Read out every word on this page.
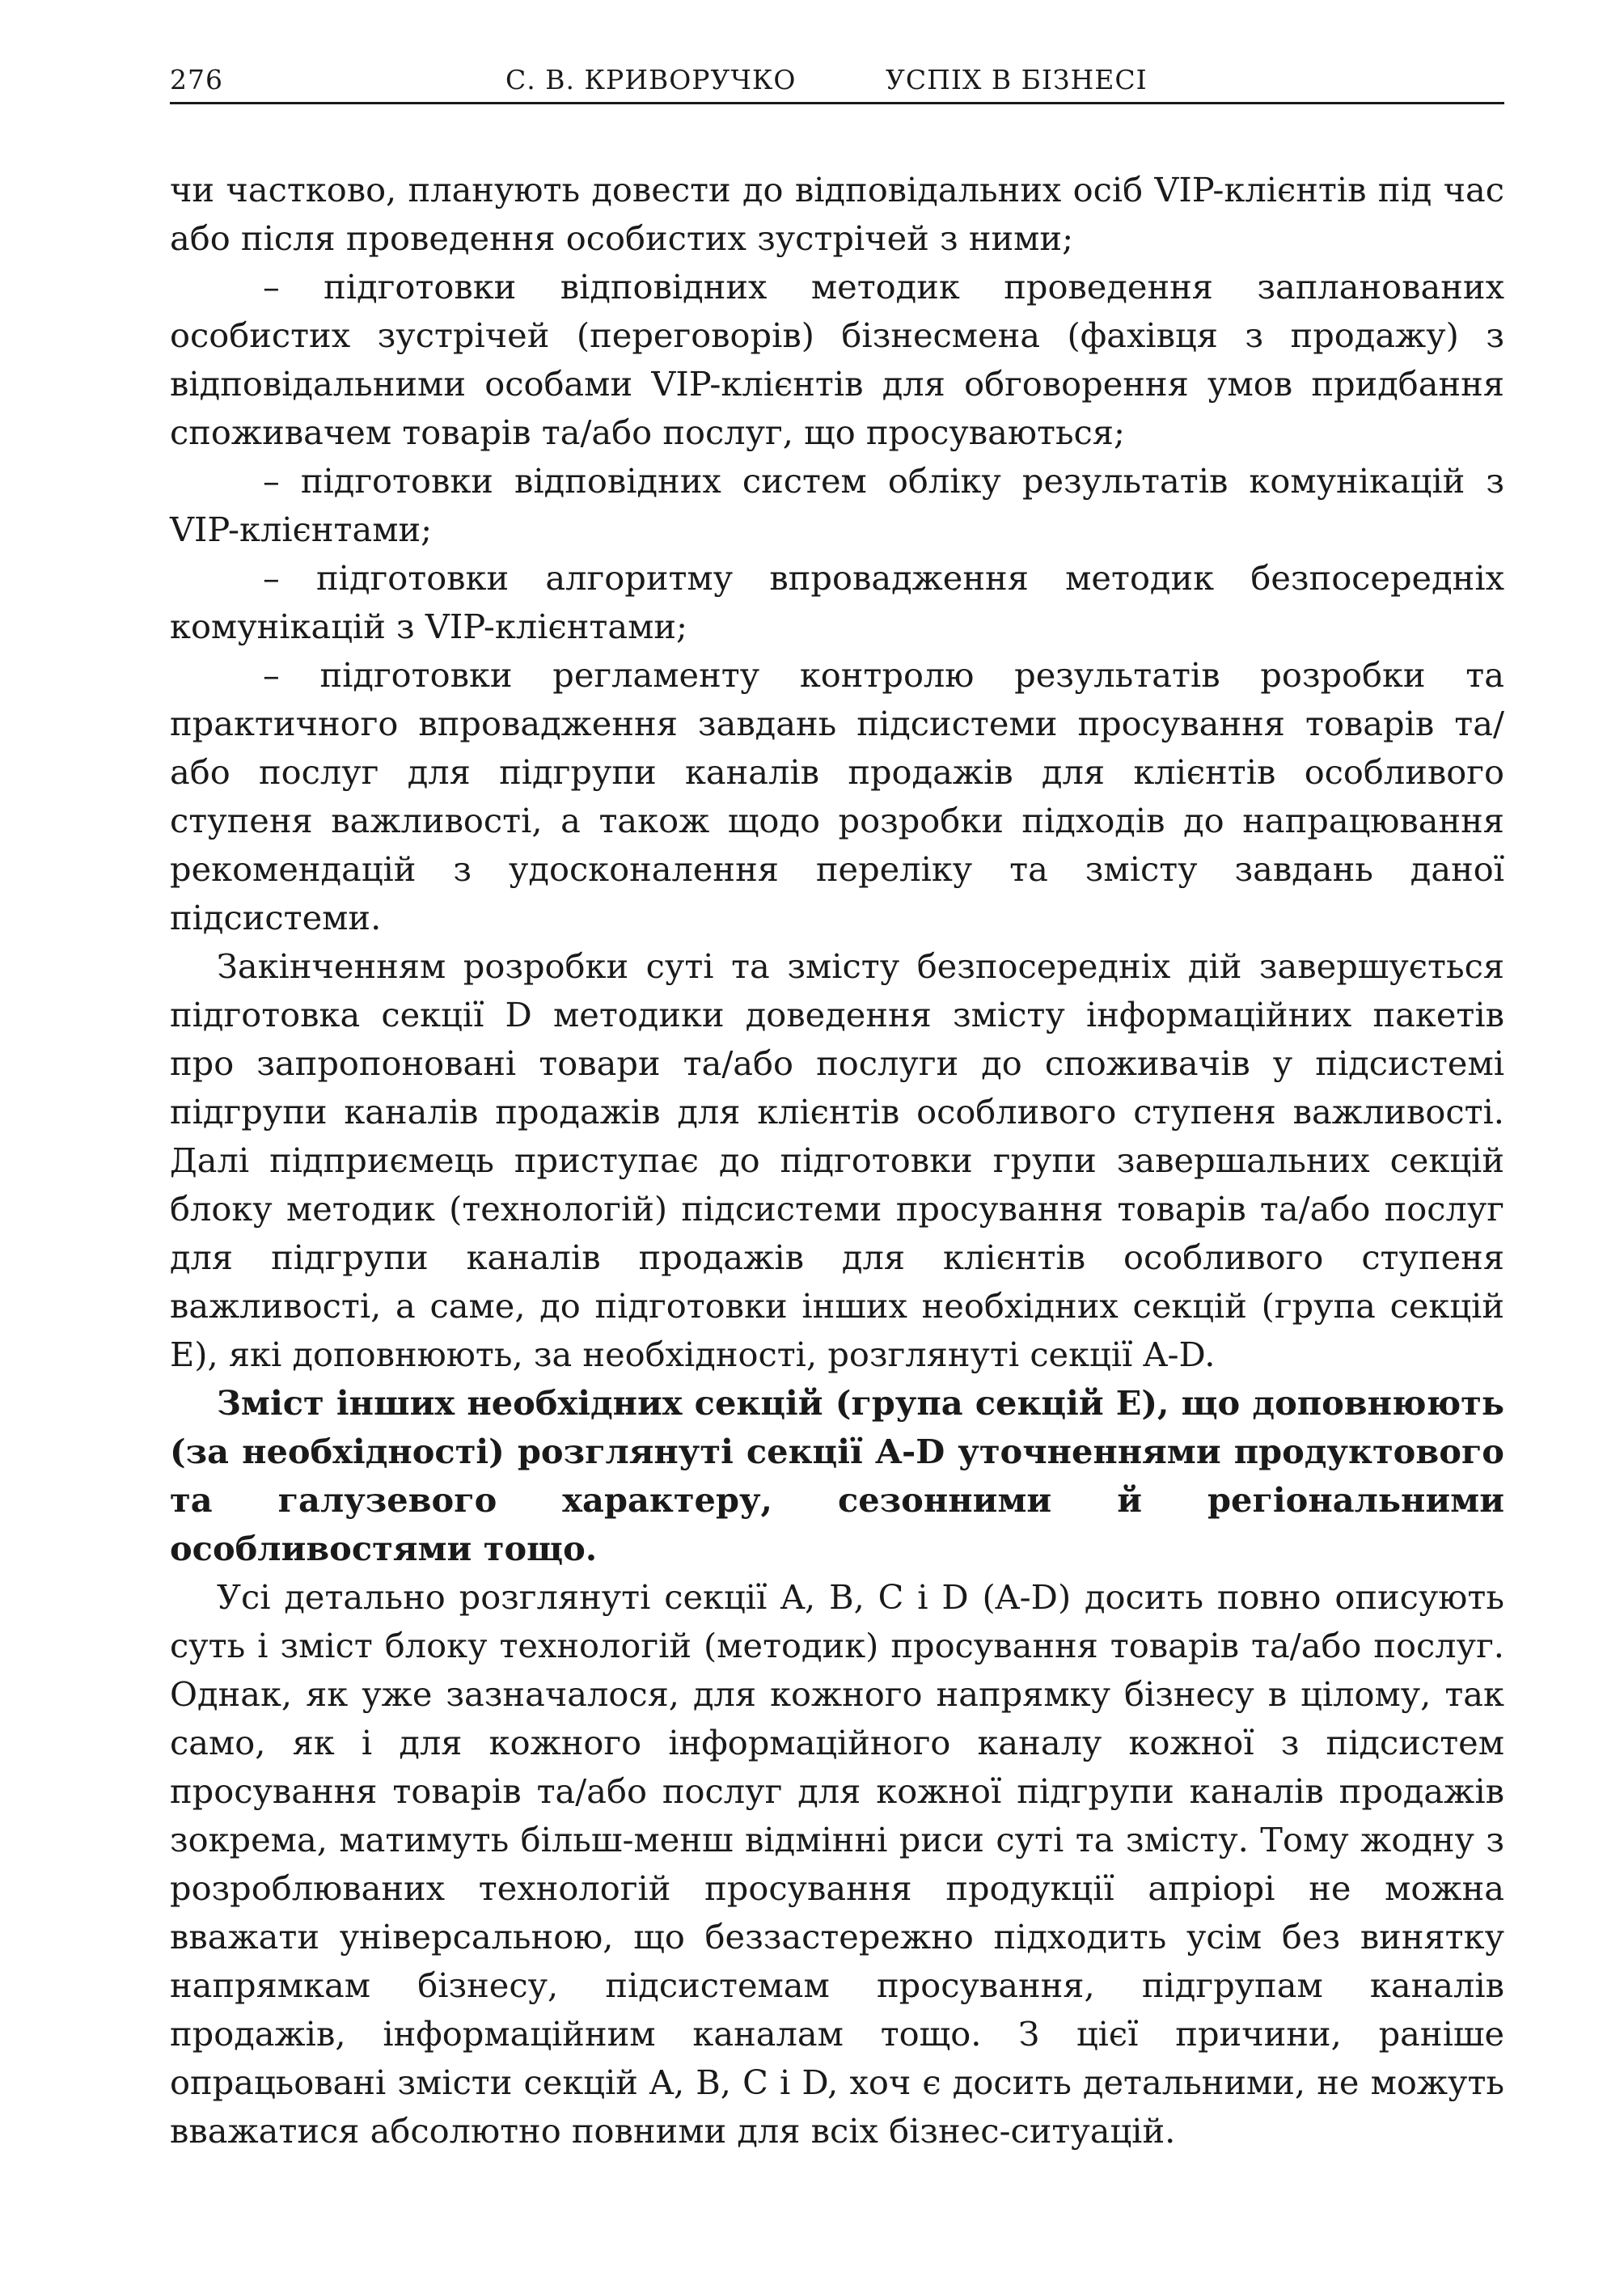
276	С. В. КРИВОРУЧКО	УСПІХ В БІЗНЕСІ

чи частково, планують довести до відповідальних осіб VIP-клієнтів під час або після проведення особистих зустрічей з ними;

– підготовки відповідних методик проведення запланованих особистих зустрічей (переговорів) бізнесмена (фахівця з продажу) з відповідальними особами VIP-клієнтів для обговорення умов придбання споживачем товарів та/або послуг, що просуваються;

– підготовки відповідних систем обліку результатів комунікацій з VIP-клієнтами;

– підготовки алгоритму впровадження методик безпосередніх комунікацій з VIP-клієнтами;

– підготовки регламенту контролю результатів розробки та практичного впровадження завдань підсистеми просування товарів та/або послуг для підгрупи каналів продажів для клієнтів особливого ступеня важливості, а також щодо розробки підходів до напрацювання рекомендацій з удосконалення переліку та змісту завдань даної підсистеми.

Закінченням розробки суті та змісту безпосередніх дій завершується підготовка секції D методики доведення змісту інформаційних пакетів про запропоновані товари та/або послуги до споживачів у підсистемі підгрупи каналів продажів для клієнтів особливого ступеня важливості. Далі підприємець приступає до підготовки групи завершальних секцій блоку методик (технологій) підсистеми просування товарів та/або послуг для підгрупи каналів продажів для клієнтів особливого ступеня важливості, а саме, до підготовки інших необхідних секцій (група секцій E), які доповнюють, за необхідності, розглянуті секції A-D.

Зміст інших необхідних секцій (група секцій E), що доповнюють (за необхідності) розглянуті секції A-D уточненнями продуктового та галузевого характеру, сезонними й регіональними особливостями тощо.

Усі детально розглянуті секції A, B, C і D (A-D) досить повно описують суть і зміст блоку технологій (методик) просування товарів та/або послуг. Однак, як уже зазначалося, для кожного напрямку бізнесу в цілому, так само, як і для кожного інформаційного каналу кожної з підсистем просування товарів та/або послуг для кожної підгрупи каналів продажів зокрема, матимуть більш-менш відмінні риси суті та змісту. Тому жодну з розроблюваних технологій просування продукції апріорі не можна вважати універсальною, що беззастережно підходить усім без винятку напрямкам бізнесу, підсистемам просування, підгрупам каналів продажів, інформаційним каналам тощо. З цієї причини, раніше опрацьовані змісти секцій A, B, C і D, хоч є досить детальними, не можуть вважатися абсолютно повними для всіх бізнес-ситуацій.
